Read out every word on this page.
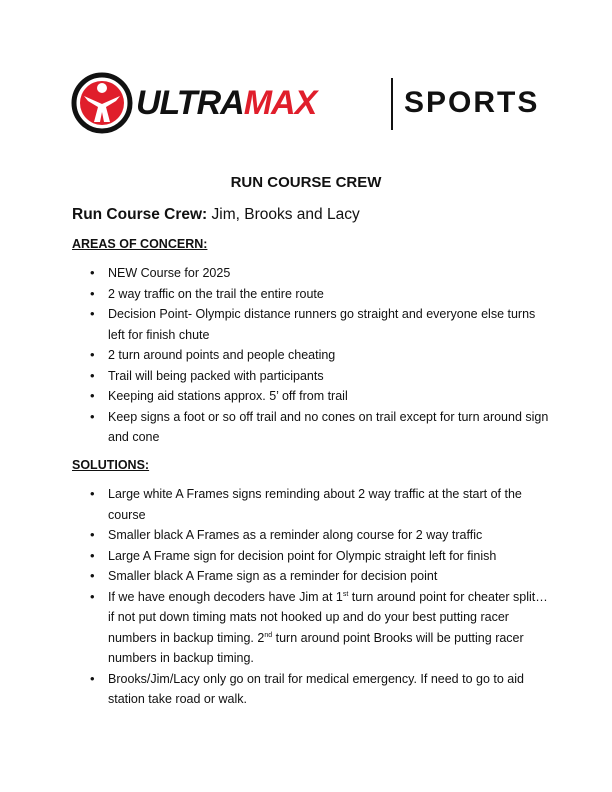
ULTRAMAX	SPORTS
RUN COURSE CREW
Run Course Crew: Jim, Brooks and Lacy
AREAS OF CONCERN:
• NEW Course for 2025
• 2 way traffic on the trail the entire route
• Decision Point- Olympic distance runners go straight and everyone else turns left for finish chute
• 2 turn around points and people cheating
• Trail will being packed with participants
• Keeping aid stations approx. 5’ off from trail
• Keep signs a foot or so off trail and no cones on trail except for turn around sign and cone
SOLUTIONS:
• Large white A Frames signs reminding about 2 way traffic at the start of the course
• Smaller black A Frames as a reminder along course for 2 way traffic
• Large A Frame sign for decision point for Olympic straight left for finish
• Smaller black A Frame sign as a reminder for decision point
• If we have enough decoders have Jim at 1st turn around point for cheater split… if not put down timing mats not hooked up and do your best putting racer numbers in backup timing. 2nd turn around point Brooks will be putting racer numbers in backup timing.
• Brooks/Jim/Lacy only go on trail for medical emergency. If need to go to aid station take road or walk.
